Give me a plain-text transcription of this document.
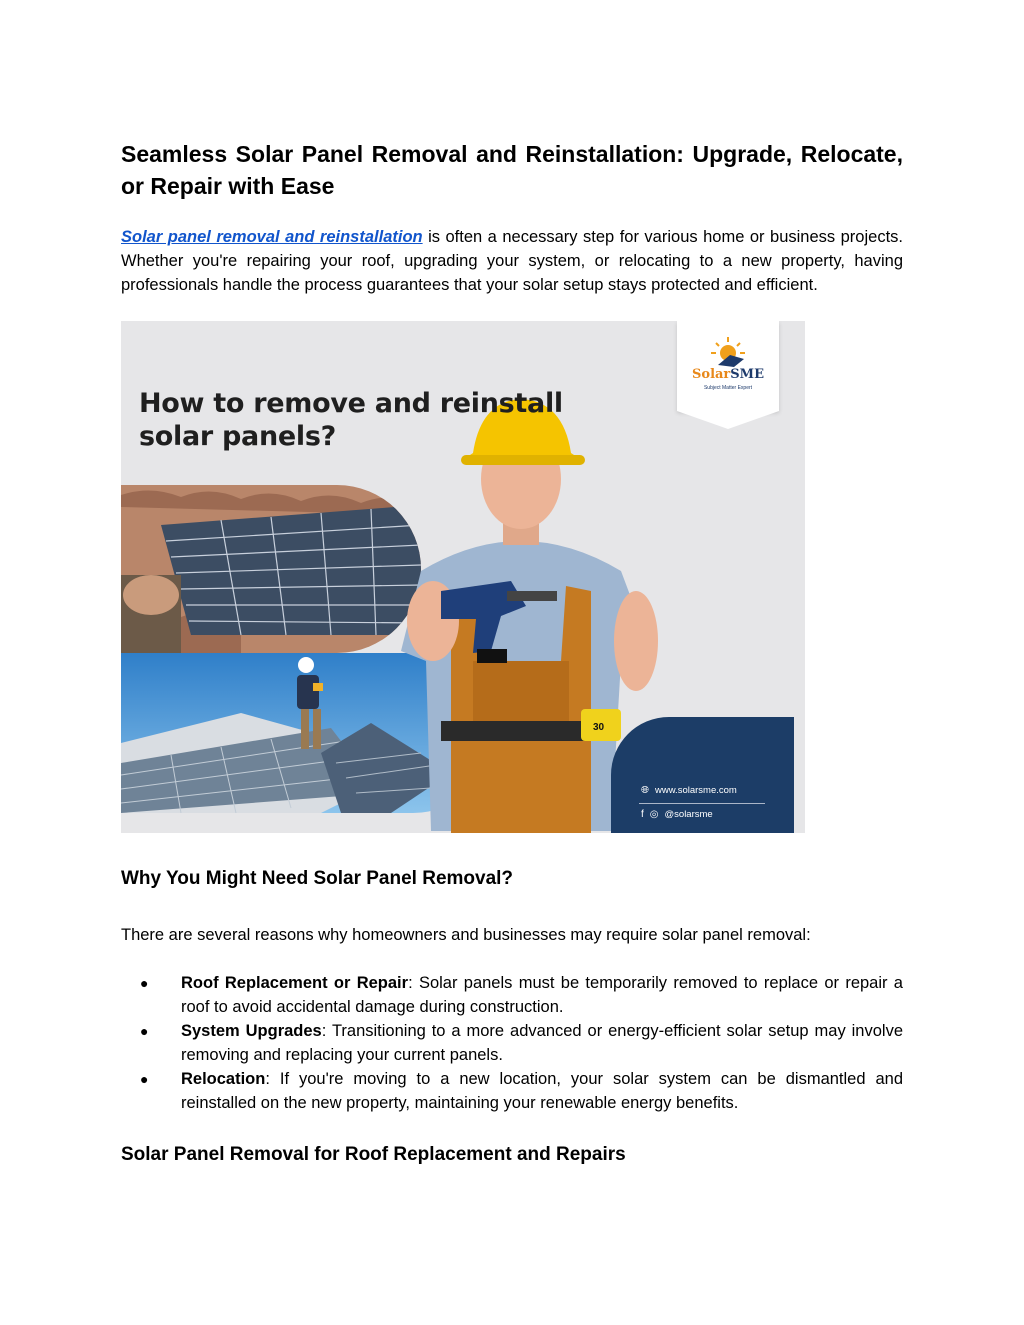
Seamless Solar Panel Removal and Reinstallation: Upgrade, Relocate, or Repair with Ease

Solar panel removal and reinstallation is often a necessary step for various home or business projects. Whether you're repairing your roof, upgrading your system, or relocating to a new property, having professionals handle the process guarantees that your solar setup stays protected and efficient.

30

How to remove and reinstall solar panels?

SolarSME
Subject Matter Expert
🌐︎ www.solarsme.com
f ◎ @solarsme
Why You Might Need Solar Panel Removal?

There are several reasons why homeowners and businesses may require solar panel removal:

● Roof Replacement or Repair: Solar panels must be temporarily removed to replace or repair a roof to avoid accidental damage during construction.
● System Upgrades: Transitioning to a more advanced or energy-efficient solar setup may involve removing and replacing your current panels.
● Relocation: If you're moving to a new location, your solar system can be dismantled and reinstalled on the new property, maintaining your renewable energy benefits.
Solar Panel Removal for Roof Replacement and Repairs
